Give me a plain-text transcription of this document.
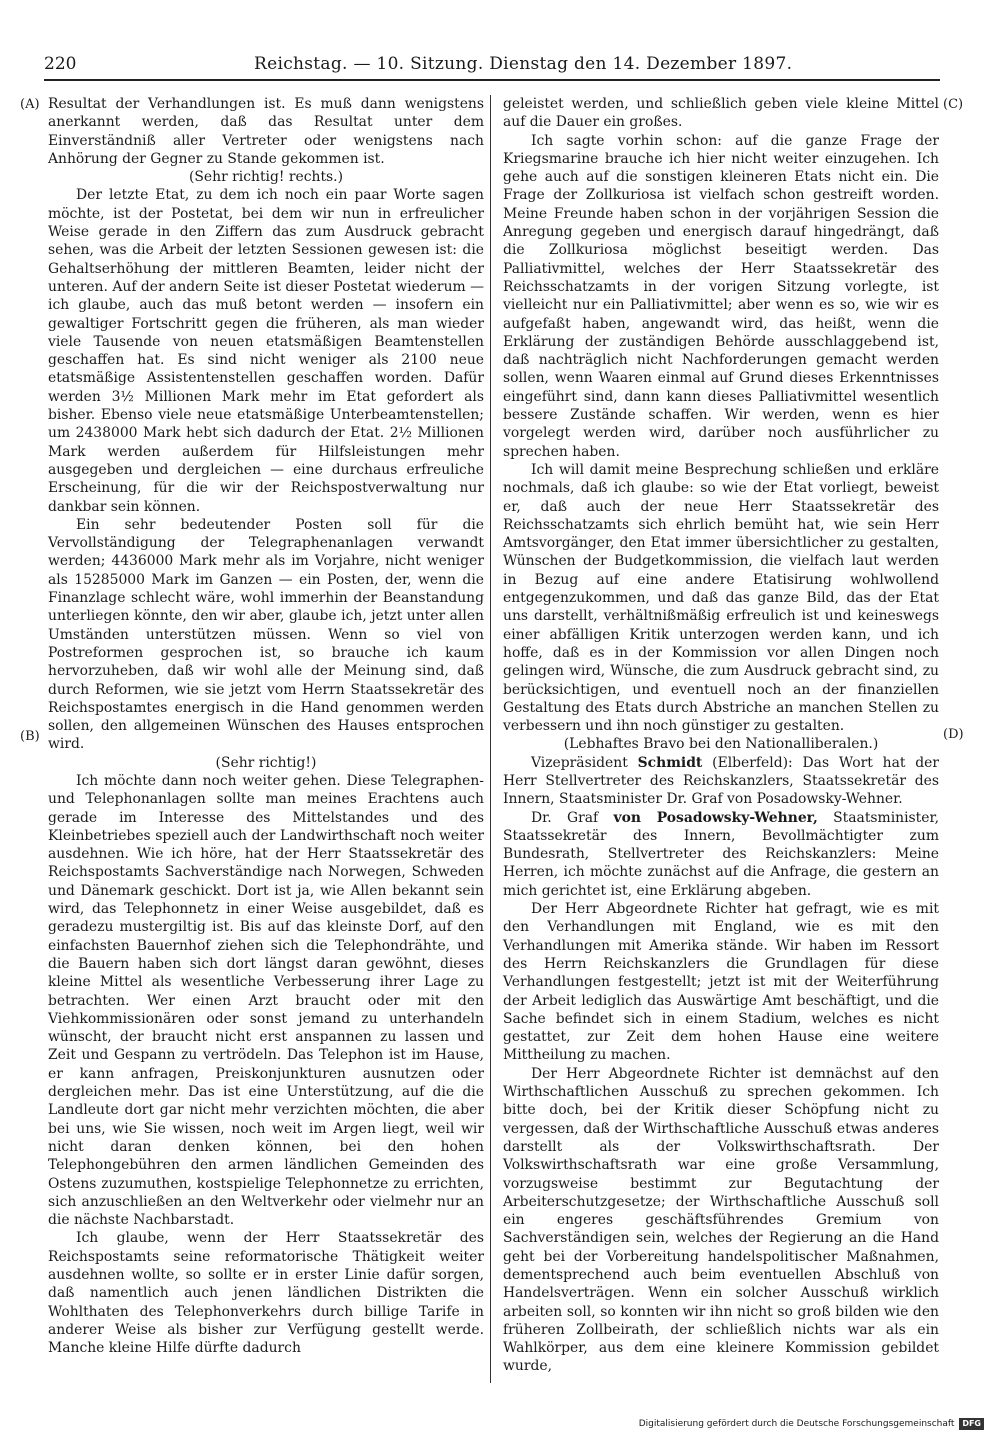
220	Reichstag. — 10. Sitzung. Dienstag den 14. Dezember 1897.
(A)
(B)
(C)
(D)

Resultat der Verhandlungen ist. Es muß dann wenigstens anerkannt werden, daß das Resultat unter dem Einverständniß aller Vertreter oder wenigstens nach Anhörung der Gegner zu Stande gekommen ist.

(Sehr richtig! rechts.)

Der letzte Etat, zu dem ich noch ein paar Worte sagen möchte, ist der Postetat, bei dem wir nun in erfreulicher Weise gerade in den Ziffern das zum Ausdruck gebracht sehen, was die Arbeit der letzten Sessionen gewesen ist: die Gehaltserhöhung der mittleren Beamten, leider nicht der unteren. Auf der andern Seite ist dieser Postetat wiederum — ich glaube, auch das muß betont werden — insofern ein gewaltiger Fortschritt gegen die früheren, als man wieder viele Tausende von neuen etatsmäßigen Beamtenstellen geschaffen hat. Es sind nicht weniger als 2100 neue etatsmäßige Assistentenstellen geschaffen worden. Dafür werden 3½ Millionen Mark mehr im Etat gefordert als bisher. Ebenso viele neue etatsmäßige Unterbeamtenstellen; um 2438000 Mark hebt sich dadurch der Etat. 2½ Millionen Mark werden außerdem für Hilfsleistungen mehr ausgegeben und dergleichen — eine durchaus erfreuliche Erscheinung, für die wir der Reichspostverwaltung nur dankbar sein können.

Ein sehr bedeutender Posten soll für die Vervollständigung der Telegraphenanlagen verwandt werden; 4436000 Mark mehr als im Vorjahre, nicht weniger als 15285000 Mark im Ganzen — ein Posten, der, wenn die Finanzlage schlecht wäre, wohl immerhin der Beanstandung unterliegen könnte, den wir aber, glaube ich, jetzt unter allen Umständen unterstützen müssen. Wenn so viel von Postreformen gesprochen ist, so brauche ich kaum hervorzuheben, daß wir wohl alle der Meinung sind, daß durch Reformen, wie sie jetzt vom Herrn Staatssekretär des Reichspostamtes energisch in die Hand genommen werden sollen, den allgemeinen Wünschen des Hauses entsprochen wird.

(Sehr richtig!)

Ich möchte dann noch weiter gehen. Diese Telegraphen- und Telephonanlagen sollte man meines Erachtens auch gerade im Interesse des Mittelstandes und des Kleinbetriebes speziell auch der Landwirthschaft noch weiter ausdehnen. Wie ich höre, hat der Herr Staatssekretär des Reichspostamts Sachverständige nach Norwegen, Schweden und Dänemark geschickt. Dort ist ja, wie Allen bekannt sein wird, das Telephonnetz in einer Weise ausgebildet, daß es geradezu mustergiltig ist. Bis auf das kleinste Dorf, auf den einfachsten Bauernhof ziehen sich die Telephondrähte, und die Bauern haben sich dort längst daran gewöhnt, dieses kleine Mittel als wesentliche Verbesserung ihrer Lage zu betrachten. Wer einen Arzt braucht oder mit den Viehkommissionären oder sonst jemand zu unterhandeln wünscht, der braucht nicht erst anspannen zu lassen und Zeit und Gespann zu vertrödeln. Das Telephon ist im Hause, er kann anfragen, Preiskonjunkturen ausnutzen oder dergleichen mehr. Das ist eine Unterstützung, auf die die Landleute dort gar nicht mehr verzichten möchten, die aber bei uns, wie Sie wissen, noch weit im Argen liegt, weil wir nicht daran denken können, bei den hohen Telephongebühren den armen ländlichen Gemeinden des Ostens zuzumuthen, kostspielige Telephonnetze zu errichten, sich anzuschließen an den Weltverkehr oder vielmehr nur an die nächste Nachbarstadt.

Ich glaube, wenn der Herr Staatssekretär des Reichspostamts seine reformatorische Thätigkeit weiter ausdehnen wollte, so sollte er in erster Linie dafür sorgen, daß namentlich auch jenen ländlichen Distrikten die Wohlthaten des Telephonverkehrs durch billige Tarife in anderer Weise als bisher zur Verfügung gestellt werde. Manche kleine Hilfe dürfte dadurch

geleistet werden, und schließlich geben viele kleine Mittel auf die Dauer ein großes.

Ich sagte vorhin schon: auf die ganze Frage der Kriegsmarine brauche ich hier nicht weiter einzugehen. Ich gehe auch auf die sonstigen kleineren Etats nicht ein. Die Frage der Zollkuriosa ist vielfach schon gestreift worden. Meine Freunde haben schon in der vorjährigen Session die Anregung gegeben und energisch darauf hingedrängt, daß die Zollkuriosa möglichst beseitigt werden. Das Palliativmittel, welches der Herr Staatssekretär des Reichsschatzamts in der vorigen Sitzung vorlegte, ist vielleicht nur ein Palliativmittel; aber wenn es so, wie wir es aufgefaßt haben, angewandt wird, das heißt, wenn die Erklärung der zuständigen Behörde ausschlaggebend ist, daß nachträglich nicht Nachforderungen gemacht werden sollen, wenn Waaren einmal auf Grund dieses Erkenntnisses eingeführt sind, dann kann dieses Palliativmittel wesentlich bessere Zustände schaffen. Wir werden, wenn es hier vorgelegt werden wird, darüber noch ausführlicher zu sprechen haben.

Ich will damit meine Besprechung schließen und erkläre nochmals, daß ich glaube: so wie der Etat vorliegt, beweist er, daß auch der neue Herr Staatssekretär des Reichsschatzamts sich ehrlich bemüht hat, wie sein Herr Amtsvorgänger, den Etat immer übersichtlicher zu gestalten, Wünschen der Budgetkommission, die vielfach laut werden in Bezug auf eine andere Etatisirung wohlwollend entgegenzukommen, und daß das ganze Bild, das der Etat uns darstellt, verhältnißmäßig erfreulich ist und keineswegs einer abfälligen Kritik unterzogen werden kann, und ich hoffe, daß es in der Kommission vor allen Dingen noch gelingen wird, Wünsche, die zum Ausdruck gebracht sind, zu berücksichtigen, und eventuell noch an der finanziellen Gestaltung des Etats durch Abstriche an manchen Stellen zu verbessern und ihn noch günstiger zu gestalten.

(Lebhaftes Bravo bei den Nationalliberalen.)

Vizepräsident Schmidt (Elberfeld): Das Wort hat der Herr Stellvertreter des Reichskanzlers, Staatssekretär des Innern, Staatsminister Dr. Graf von Posadowsky-Wehner.

Dr. Graf von Posadowsky-Wehner, Staatsminister, Staatssekretär des Innern, Bevollmächtigter zum Bundesrath, Stellvertreter des Reichskanzlers: Meine Herren, ich möchte zunächst auf die Anfrage, die gestern an mich gerichtet ist, eine Erklärung abgeben.

Der Herr Abgeordnete Richter hat gefragt, wie es mit den Verhandlungen mit England, wie es mit den Verhandlungen mit Amerika stände. Wir haben im Ressort des Herrn Reichskanzlers die Grundlagen für diese Verhandlungen festgestellt; jetzt ist mit der Weiterführung der Arbeit lediglich das Auswärtige Amt beschäftigt, und die Sache befindet sich in einem Stadium, welches es nicht gestattet, zur Zeit dem hohen Hause eine weitere Mittheilung zu machen.

Der Herr Abgeordnete Richter ist demnächst auf den Wirthschaftlichen Ausschuß zu sprechen gekommen. Ich bitte doch, bei der Kritik dieser Schöpfung nicht zu vergessen, daß der Wirthschaftliche Ausschuß etwas anderes darstellt als der Volkswirthschaftsrath. Der Volkswirthschaftsrath war eine große Versammlung, vorzugsweise bestimmt zur Begutachtung der Arbeiterschutzgesetze; der Wirthschaftliche Ausschuß soll ein engeres geschäftsführendes Gremium von Sachverständigen sein, welches der Regierung an die Hand geht bei der Vorbereitung handelspolitischer Maßnahmen, dementsprechend auch beim eventuellen Abschluß von Handelsverträgen. Wenn ein solcher Ausschuß wirklich arbeiten soll, so konnten wir ihn nicht so groß bilden wie den früheren Zollbeirath, der schließlich nichts war als ein Wahlkörper, aus dem eine kleinere Kommission gebildet wurde,

Digitalisierung gefördert durch die Deutsche Forschungsgemeinschaft DFG
